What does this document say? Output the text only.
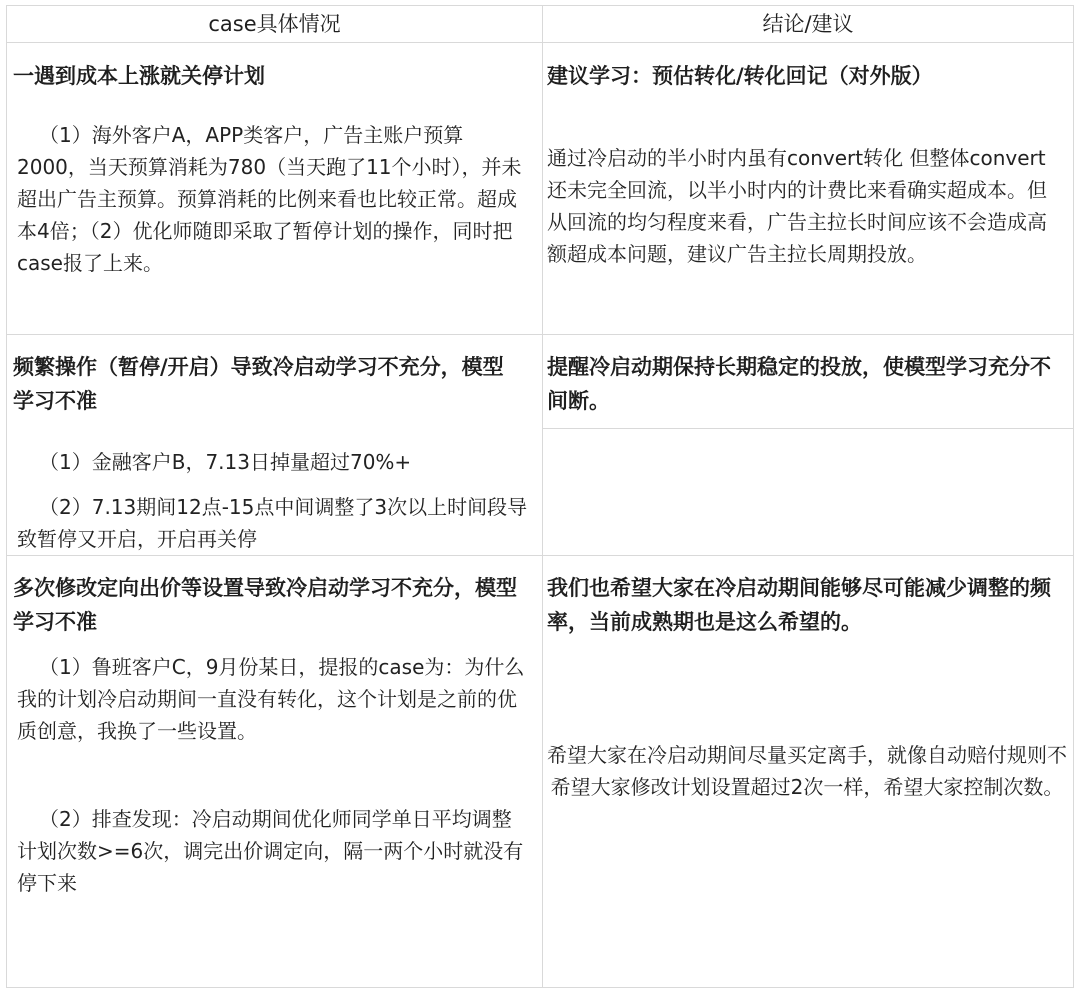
case具体情况	结论/建议
一遇到成本上涨就关停计划
（1）海外客户A，APP类客户，广告主账户预算2000，当天预算消耗为780（当天跑了11个小时），并未超出广告主预算。预算消耗的比例来看也比较正常。超成本4倍；（2）优化师随即采取了暂停计划的操作，同时把case报了上来。
建议学习：预估转化/转化回记（对外版）
通过冷启动的半小时内虽有convert转化 但整体convert还未完全回流，以半小时内的计费比来看确实超成本。但从回流的均匀程度来看，广告主拉长时间应该不会造成高额超成本问题，建议广告主拉长周期投放。
频繁操作（暂停/开启）导致冷启动学习不充分，模型学习不准
（1）金融客户B，7.13日掉量超过70%+
（2）7.13期间12点-15点中间调整了3次以上时间段导致暂停又开启，开启再关停
提醒冷启动期保持长期稳定的投放，使模型学习充分不间断。
多次修改定向出价等设置导致冷启动学习不充分，模型学习不准
（1）鲁班客户C，9月份某日，提报的case为：为什么我的计划冷启动期间一直没有转化，这个计划是之前的优质创意，我换了一些设置。
（2）排查发现：冷启动期间优化师同学单日平均调整计划次数>=6次，调完出价调定向，隔一两个小时就没有停下来
我们也希望大家在冷启动期间能够尽可能减少调整的频率，当前成熟期也是这么希望的。
希望大家在冷启动期间尽量买定离手，就像自动赔付规则不希望大家修改计划设置超过2次一样，希望大家控制次数。
